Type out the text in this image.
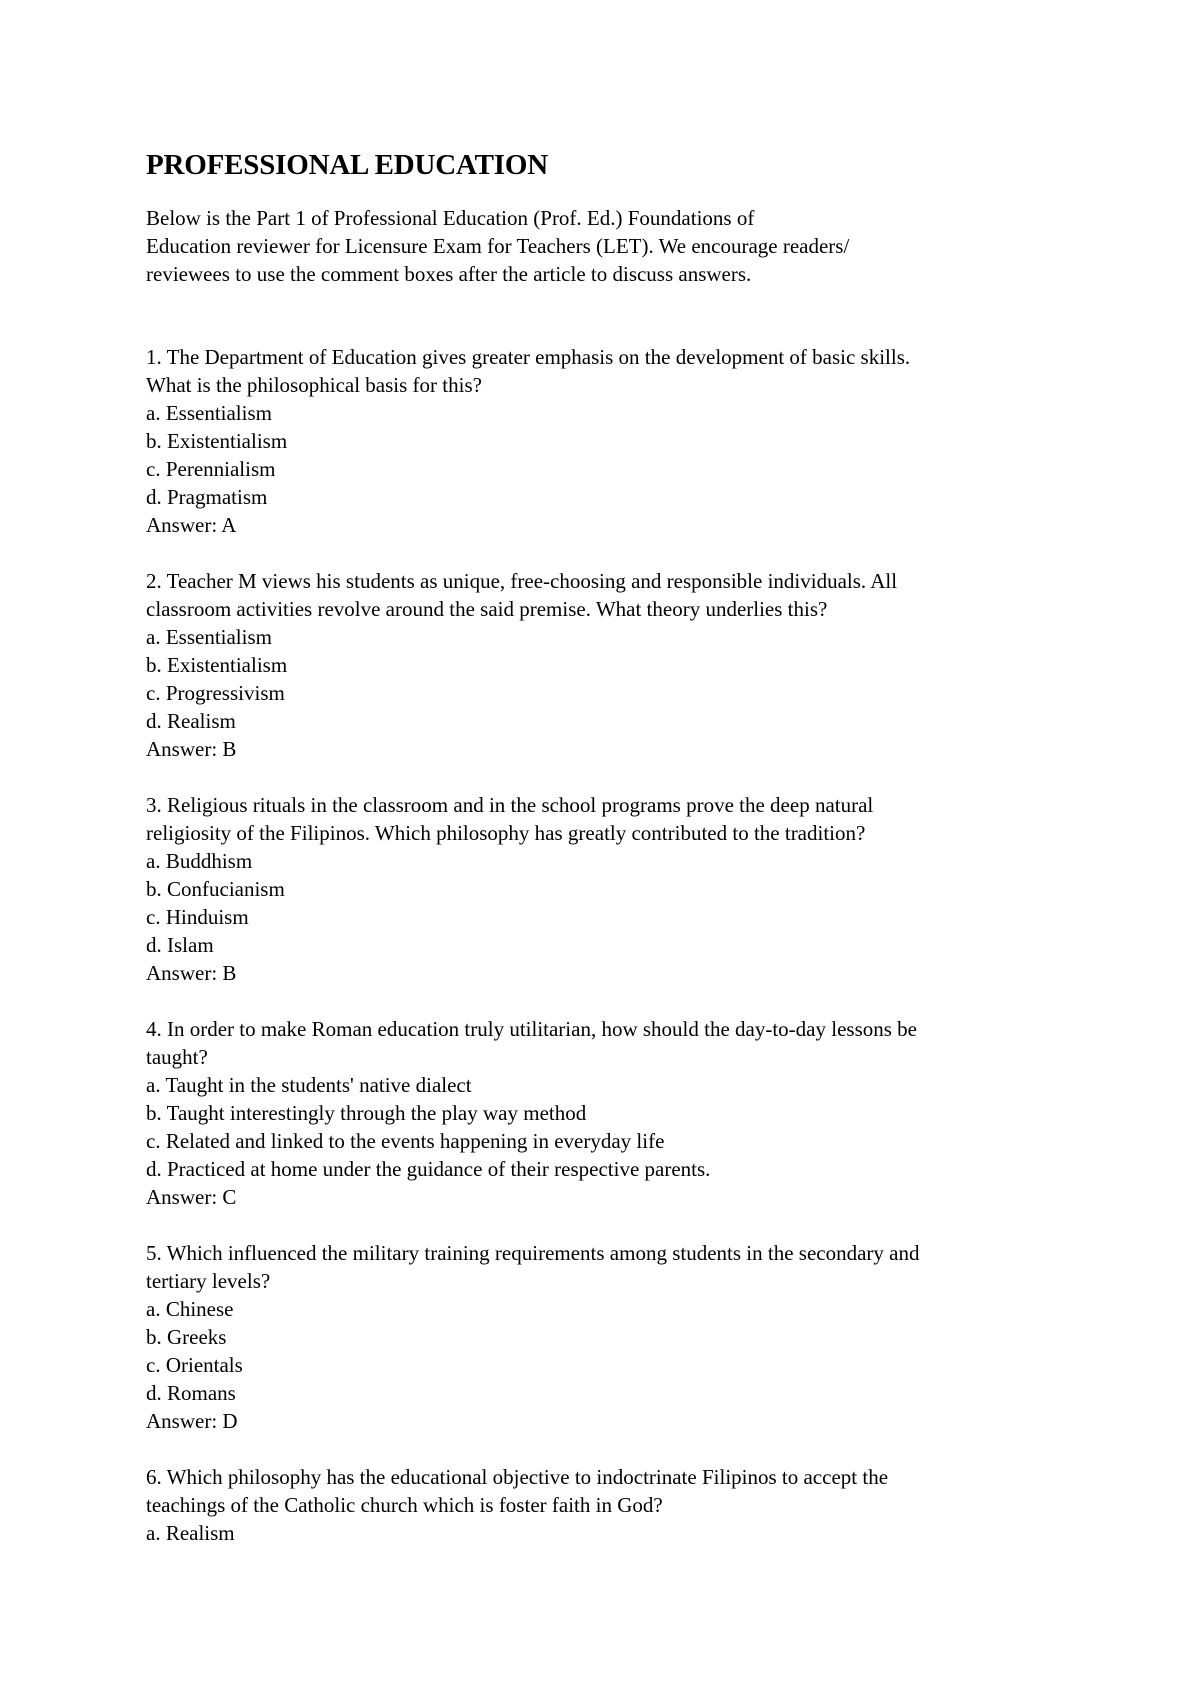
PROFESSIONAL EDUCATION
Below is the Part 1 of Professional Education (Prof. Ed.) Foundations of
Education reviewer for Licensure Exam for Teachers (LET). We encourage readers/
reviewees to use the comment boxes after the article to discuss answers.
1. The Department of Education gives greater emphasis on the development of basic skills.
What is the philosophical basis for this?
a. Essentialism
b. Existentialism
c. Perennialism
d. Pragmatism
Answer: A
2. Teacher M views his students as unique, free-choosing and responsible individuals. All
classroom activities revolve around the said premise. What theory underlies this?
a. Essentialism
b. Existentialism
c. Progressivism
d. Realism
Answer: B
3. Religious rituals in the classroom and in the school programs prove the deep natural
religiosity of the Filipinos. Which philosophy has greatly contributed to the tradition?
a. Buddhism
b. Confucianism
c. Hinduism
d. Islam
Answer: B
4. In order to make Roman education truly utilitarian, how should the day-to-day lessons be
taught?
a. Taught in the students' native dialect
b. Taught interestingly through the play way method
c. Related and linked to the events happening in everyday life
d. Practiced at home under the guidance of their respective parents.
Answer: C
5. Which influenced the military training requirements among students in the secondary and
tertiary levels?
a. Chinese
b. Greeks
c. Orientals
d. Romans
Answer: D
6. Which philosophy has the educational objective to indoctrinate Filipinos to accept the
teachings of the Catholic church which is foster faith in God?
a. Realism
